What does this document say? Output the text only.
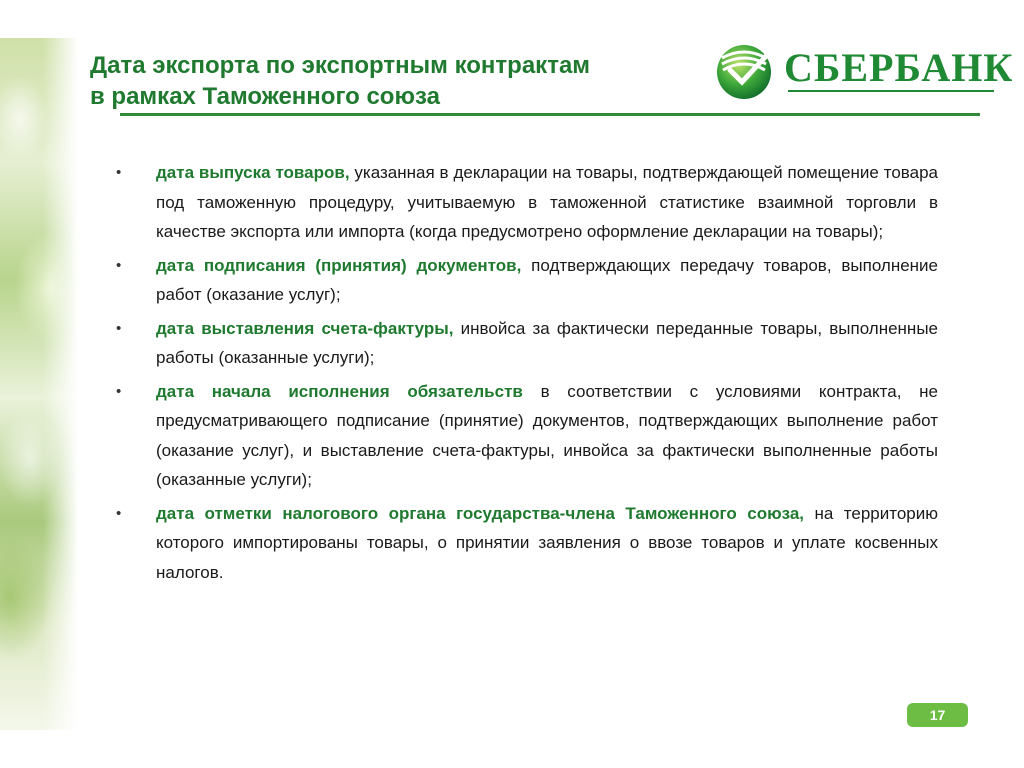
Дата экспорта по экспортным контрактам
в рамках Таможенного союза
СБЕРБАНК
• дата выпуска товаров, указанная в декларации на товары, подтверждающей помещение товара под таможенную процедуру, учитываемую в таможенной статистике взаимной торговли в качестве экспорта или импорта (когда предусмотрено оформление декларации на товары);
• дата подписания (принятия) документов, подтверждающих передачу товаров, выполнение работ (оказание услуг);
• дата выставления счета-фактуры, инвойса за фактически переданные товары, выполненные работы (оказанные услуги);
• дата начала исполнения обязательств в соответствии с условиями контракта, не предусматривающего подписание (принятие) документов, подтверждающих выполнение работ (оказание услуг), и выставление счета-фактуры, инвойса за фактически выполненные работы (оказанные услуги);
• дата отметки налогового органа государства-члена Таможенного союза, на территорию которого импортированы товары, о принятии заявления о ввозе товаров и уплате косвенных налогов.
17
